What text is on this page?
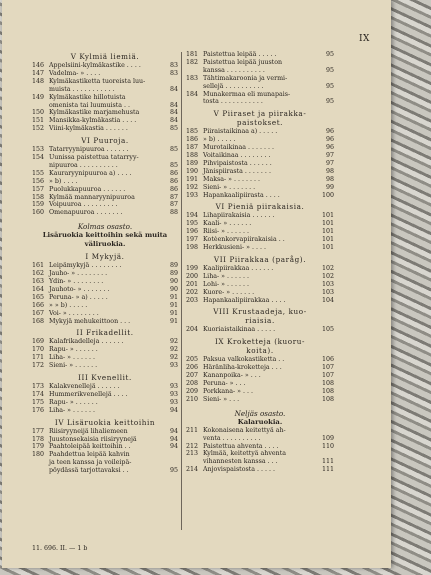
IX
V Kylmiä liemiä.
146 Appelsiini-kylmäkastike . . . .	83
147 Vadelma- » . . . .	83
148 Kylmäkastiketta tuoreista luu-
muista . . . . . . . . . . .	84
149 Kylmäkastike hillotuista
omenista tai luumuista . .	84
150 Kylmäkastike marjamehusta	84
151 Mansikka-kylmäkastia . . . .	84
152 Viini-kylmäkastia . . . . . .	85
VI Puuroja.
153 Tatarryynipuuroa . . . . . .	85
154 Uunissa paistettua tatarryy-
nipuuroa . . . . . . . . . .	85
155 Kauraryynipuuroa a) . . . .	86
156 » b) . . . .	86
157 Puolukkapuuroa . . . . . .	86
158 Kylmää mannaryynipuuroa	87
159 Voipuuroa . . . . . . . . .	87
160 Omenapuuroa . . . . . . .	88
Kolmas osasto.
Lisäruokia keittoihin sekä muita
väliruokia.
I Mykyjä.
161 Leipämykyjä . . . . . . . .	89
162 Jauho- » . . . . . . . .	89
163 Ydin- » . . . . . . . .	90
164 Jauhoto- » . . . . . . .	90
165 Peruna- » a) . . . . .	91
166 » » b) . . . . .	91
167 Voi- » . . . . . . . .	91
168 Mykyjä mehukeittoon . . .	91
II Frikadellit.
169 Kalafrikadelleja . . . . . .	92
170 Rapu- » . . . . . .	92
171 Liha- » . . . . . .	92
172 Sieni- » . . . . . .	93
III Kvenellit.
173 Kalakvenellejä . . . . . .	93
174 Hummerikvenellejä . . . .	93
175 Rapu- » . . . . . .	93
176 Liha- » . . . . . .	94
IV Lisäruokia keittoihin
177 Riisiryyneijä lihaliemeen	94
178 Juustonsekaisia riisiryynejä	94
179 Paahtoleipää keittoihin . .	94
180 Paahdettua leipää kahvin
ja teen kanssa ja voileipä-
pöydässä tarjottavaksi . .	95
181 Paistettua leipää . . . . .	95
182 Paistettua leipää juuston
kanssa . . . . . . . . . .	95
183 Tähtimakaroonia ja vermi-
sellejä . . . . . . . . . .	95
184 Munakermaa eli munapais-
tosta . . . . . . . . . . .	95
V Piiraset ja piirakka-
paistokset.
185 Piiraistaikinaa a) . . . . .	96
186 » b) . . . . .	96
187 Murotaikinaa . . . . . . .	96
188 Voitaikinaa . . . . . . . .	97
189 Pihvipaistosta . . . . . .	97
190 Jänispiirasta . . . . . . .	98
191 Maksa- » . . . . . . .	98
192 Sieni- » . . . . . . .	99
193 Hapankaalipiirasta . . . .	100
VI Pieniä piirakaisia.
194 Lihapiirakaisia . . . . . .	101
195 Kaali- » . . . . . .	101
196 Riisi- » . . . . . .	101
197 Kotėenkorvapiirakaisia . .	101
198 Herkkusieni- » . . . .	101
VII Piirakkaa (paråg).
199 Kaalipiirakkaa . . . . . .	102
200 Liha- » . . . . . .	102
201 Lohi- » . . . . . .	103
202 Kuore- » . . . . . .	103
203 Hapankaalipiirakkaa . . . .	104
VIII Krustaadeja, kuo-
riaisia.
204 Kuoriaistaikinaa . . . . .	105
IX Kroketteja (kuoru-
koita).
205 Paksua valkokastiketta . .	106
206 Häränliha-kroketteja . . .	107
207 Kananpoika- » . . .	107
208 Peruna- » . . .	108
209 Porkkana- » . . .	108
210 Sieni- » . . .	108
Neljäs osasto.
Kalaruokia.
211 Kokonaisena keitettyä ah-
venta . . . . . . . . . .	109
212 Paistettua ahventa . . . .	110
213 Kylmää, keitettyä ahventa
vihannesten kanssa . . .	111
214 Anjovispaistosta . . . . .	111
11. 696. II. — 1 b
